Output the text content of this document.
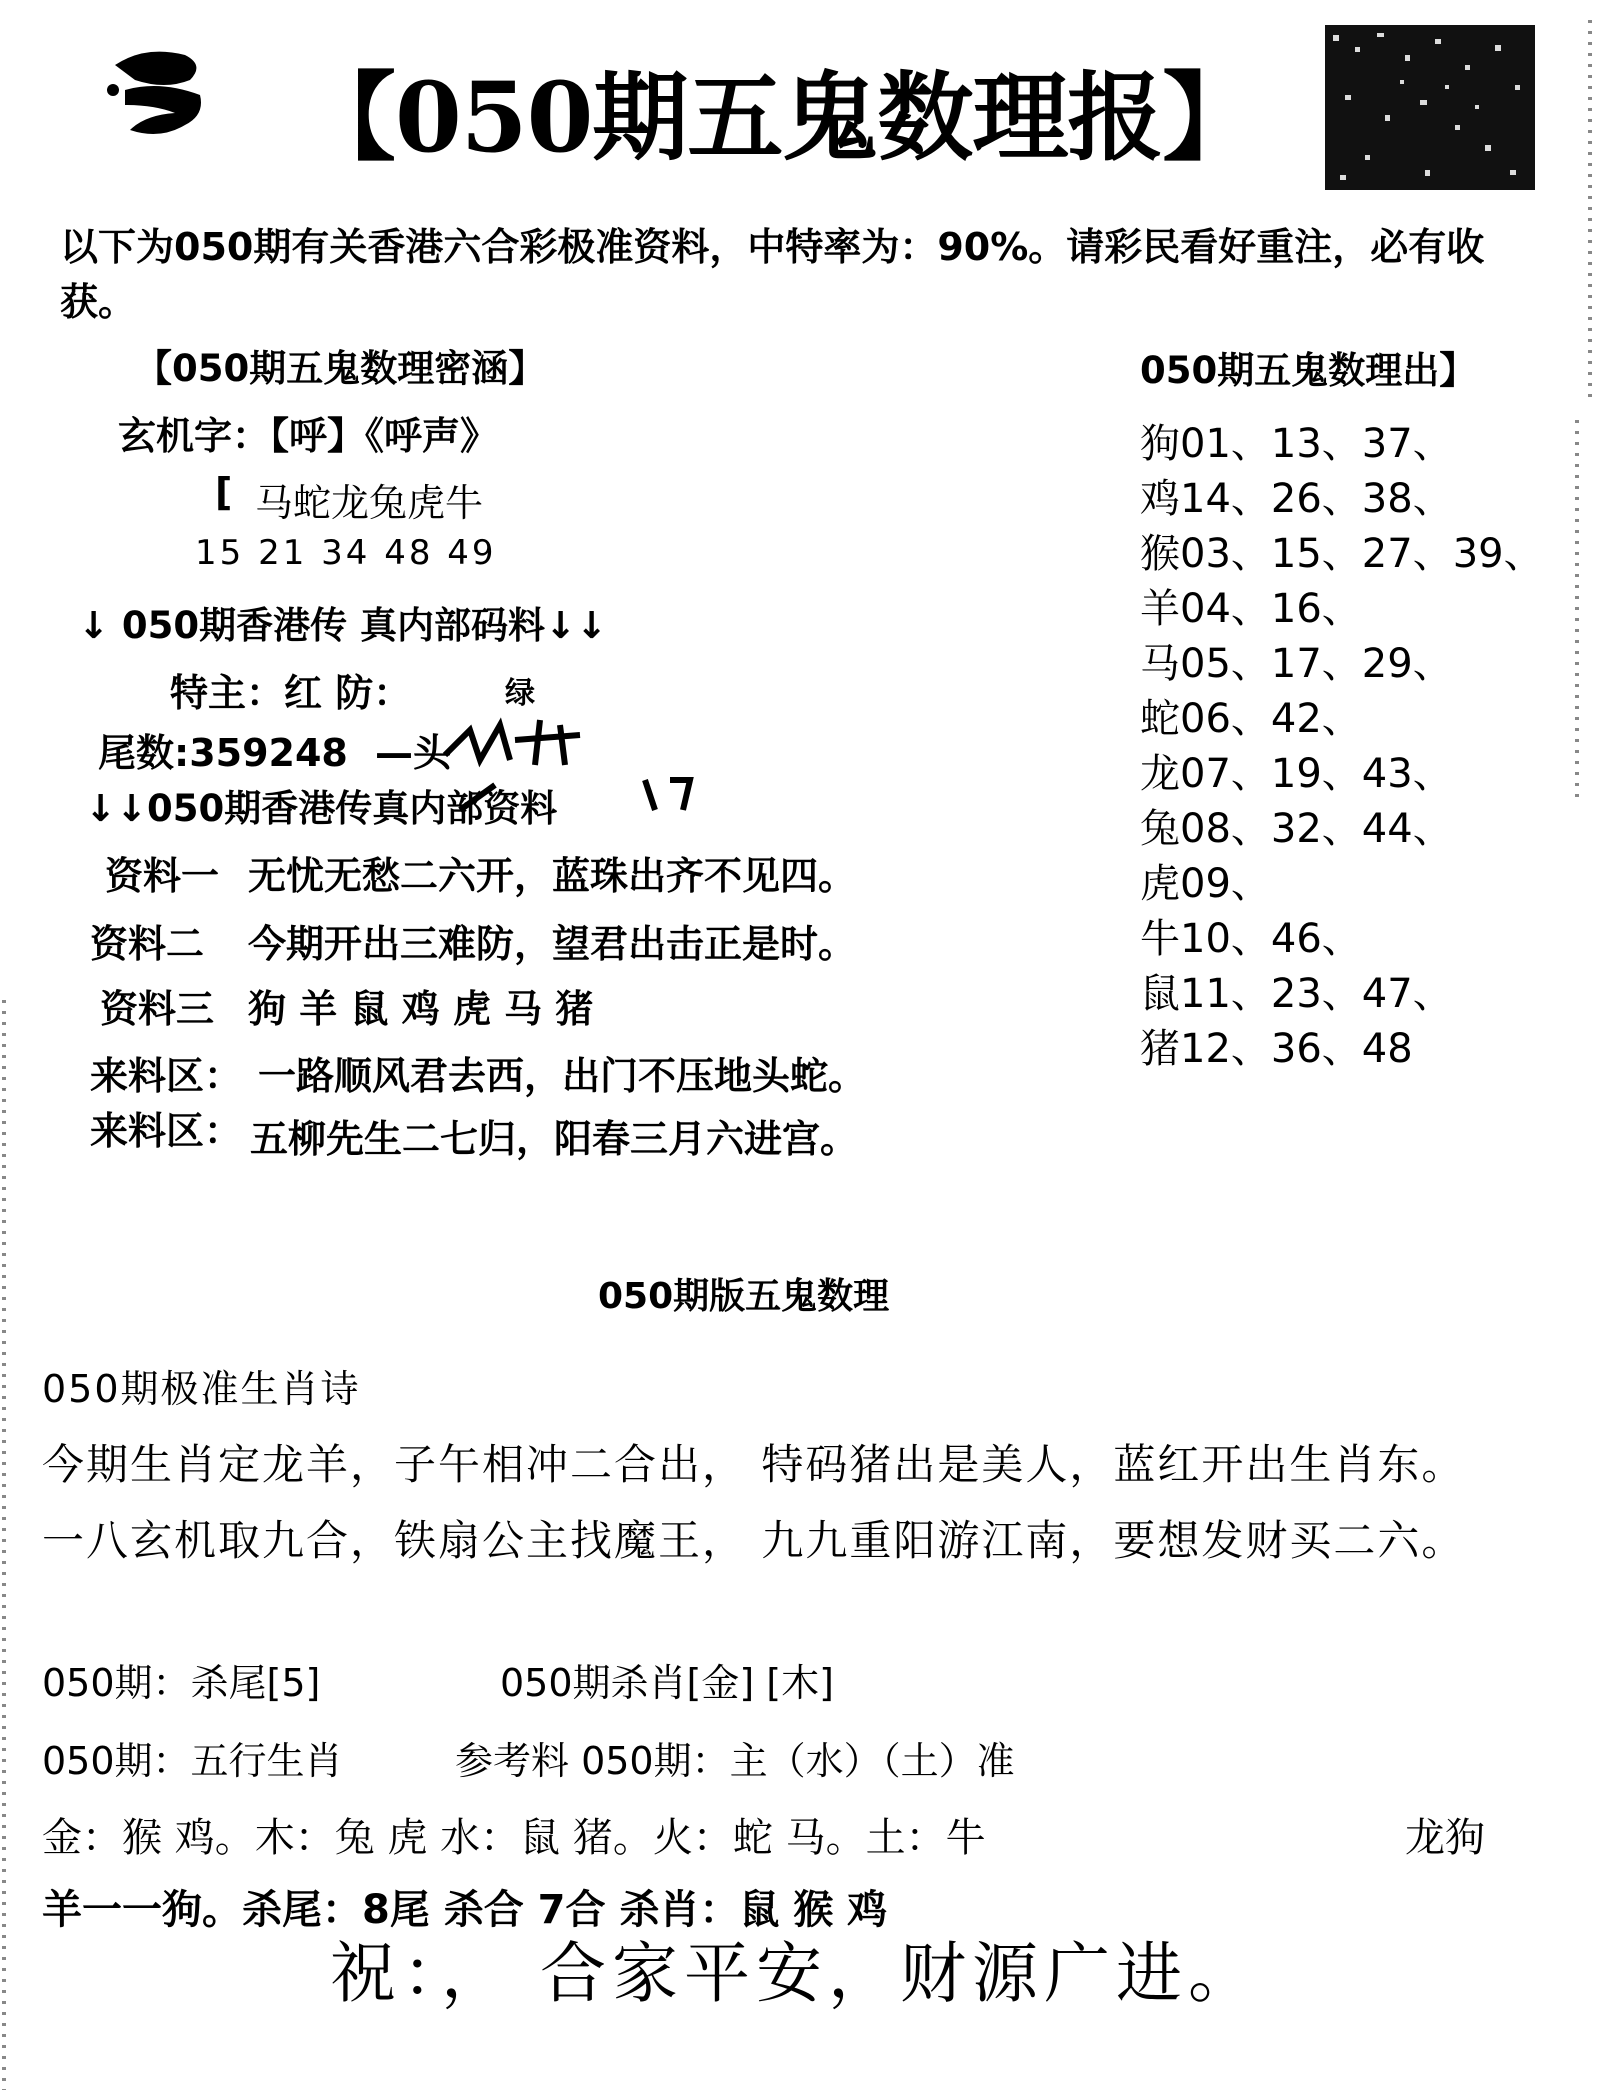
【050期五鬼数理报】
以下为050期有关香港六合彩极准资料，中特率为：90%。请彩民看好重注，必有收获。
【050期五鬼数理密涵】
玄机字：【呼】《呼声》
[ 马蛇龙兔虎牛
15 21 34 48 49
↓ 050期香港传 真内部码料↓↓
特主：红 防：	绿
尾数:359248 —头
↓↓050期香港传真内部资料
资料一 无忧无愁二六开，蓝珠出齐不见四。
资料二 今期开出三难防，望君出击正是时。
资料三 狗 羊 鼠 鸡 虎 马 猪
来料区： 一路顺风君去西，出门不压地头蛇。
来料区： 五柳先生二七归，阳春三月六进宫。
050期五鬼数理出】
狗01、13、37、
鸡14、26、38、
猴03、15、27、39、
羊04、16、
马05、17、29、
蛇06、42、
龙07、19、43、
兔08、32、44、
虎09、
牛10、46、
鼠11、23、47、
猪12、36、48
050期版五鬼数理
050期极准生肖诗
今期生肖定龙羊，子午相冲二合出， 特码猪出是美人，蓝红开出生肖东。
一八玄机取九合，铁扇公主找魔王， 九九重阳游江南，要想发财买二六。
050期：杀尾[5]	050期杀肖[金] [木]
050期：五行生肖	参考料 050期：主（水）（土）准
金：猴 鸡。木：兔 虎 水：鼠 猪。火：蛇 马。土：牛	龙狗
羊一一狗。杀尾：8尾 杀合 7合 杀肖：鼠 猴 鸡
祝：， 合家平安，财源广进。
